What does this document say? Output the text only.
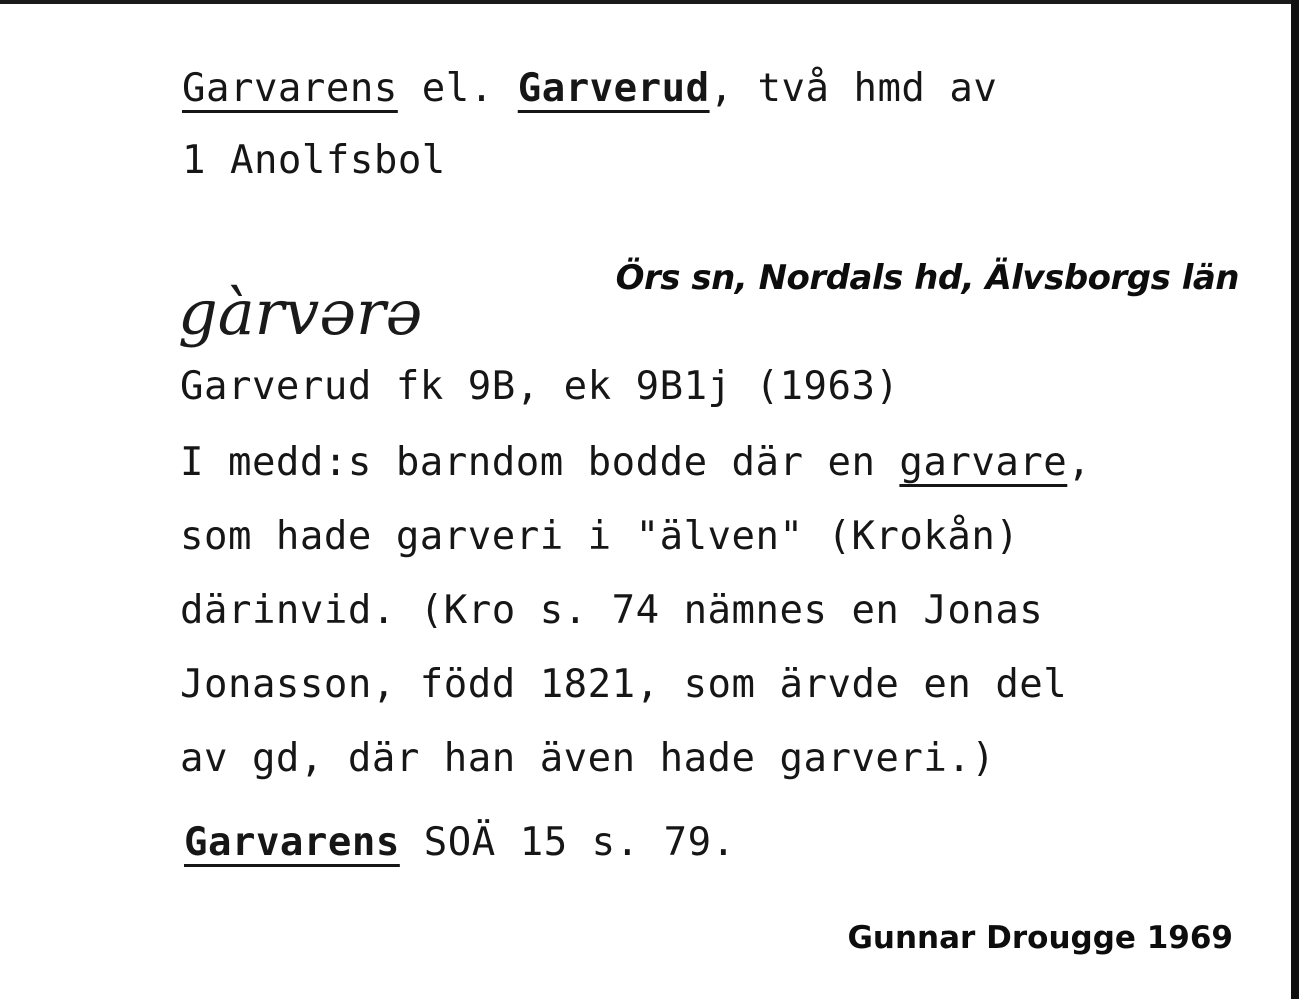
Garvarens el. Garverud, två hmd av
1 Anolfsbol
Örs sn, Nordals hd, Älvsborgs län
gàrvərə
Garverud fk 9B, ek 9B1j (1963)
I medd:s barndom bodde där en garvare,
som hade garveri i "älven" (Krokån)
därinvid. (Kro s. 74 nämnes en Jonas
Jonasson, född 1821, som ärvde en del
av gd, där han även hade garveri.)
Garvarens SOÄ 15 s. 79.
Gunnar Drougge 1969
